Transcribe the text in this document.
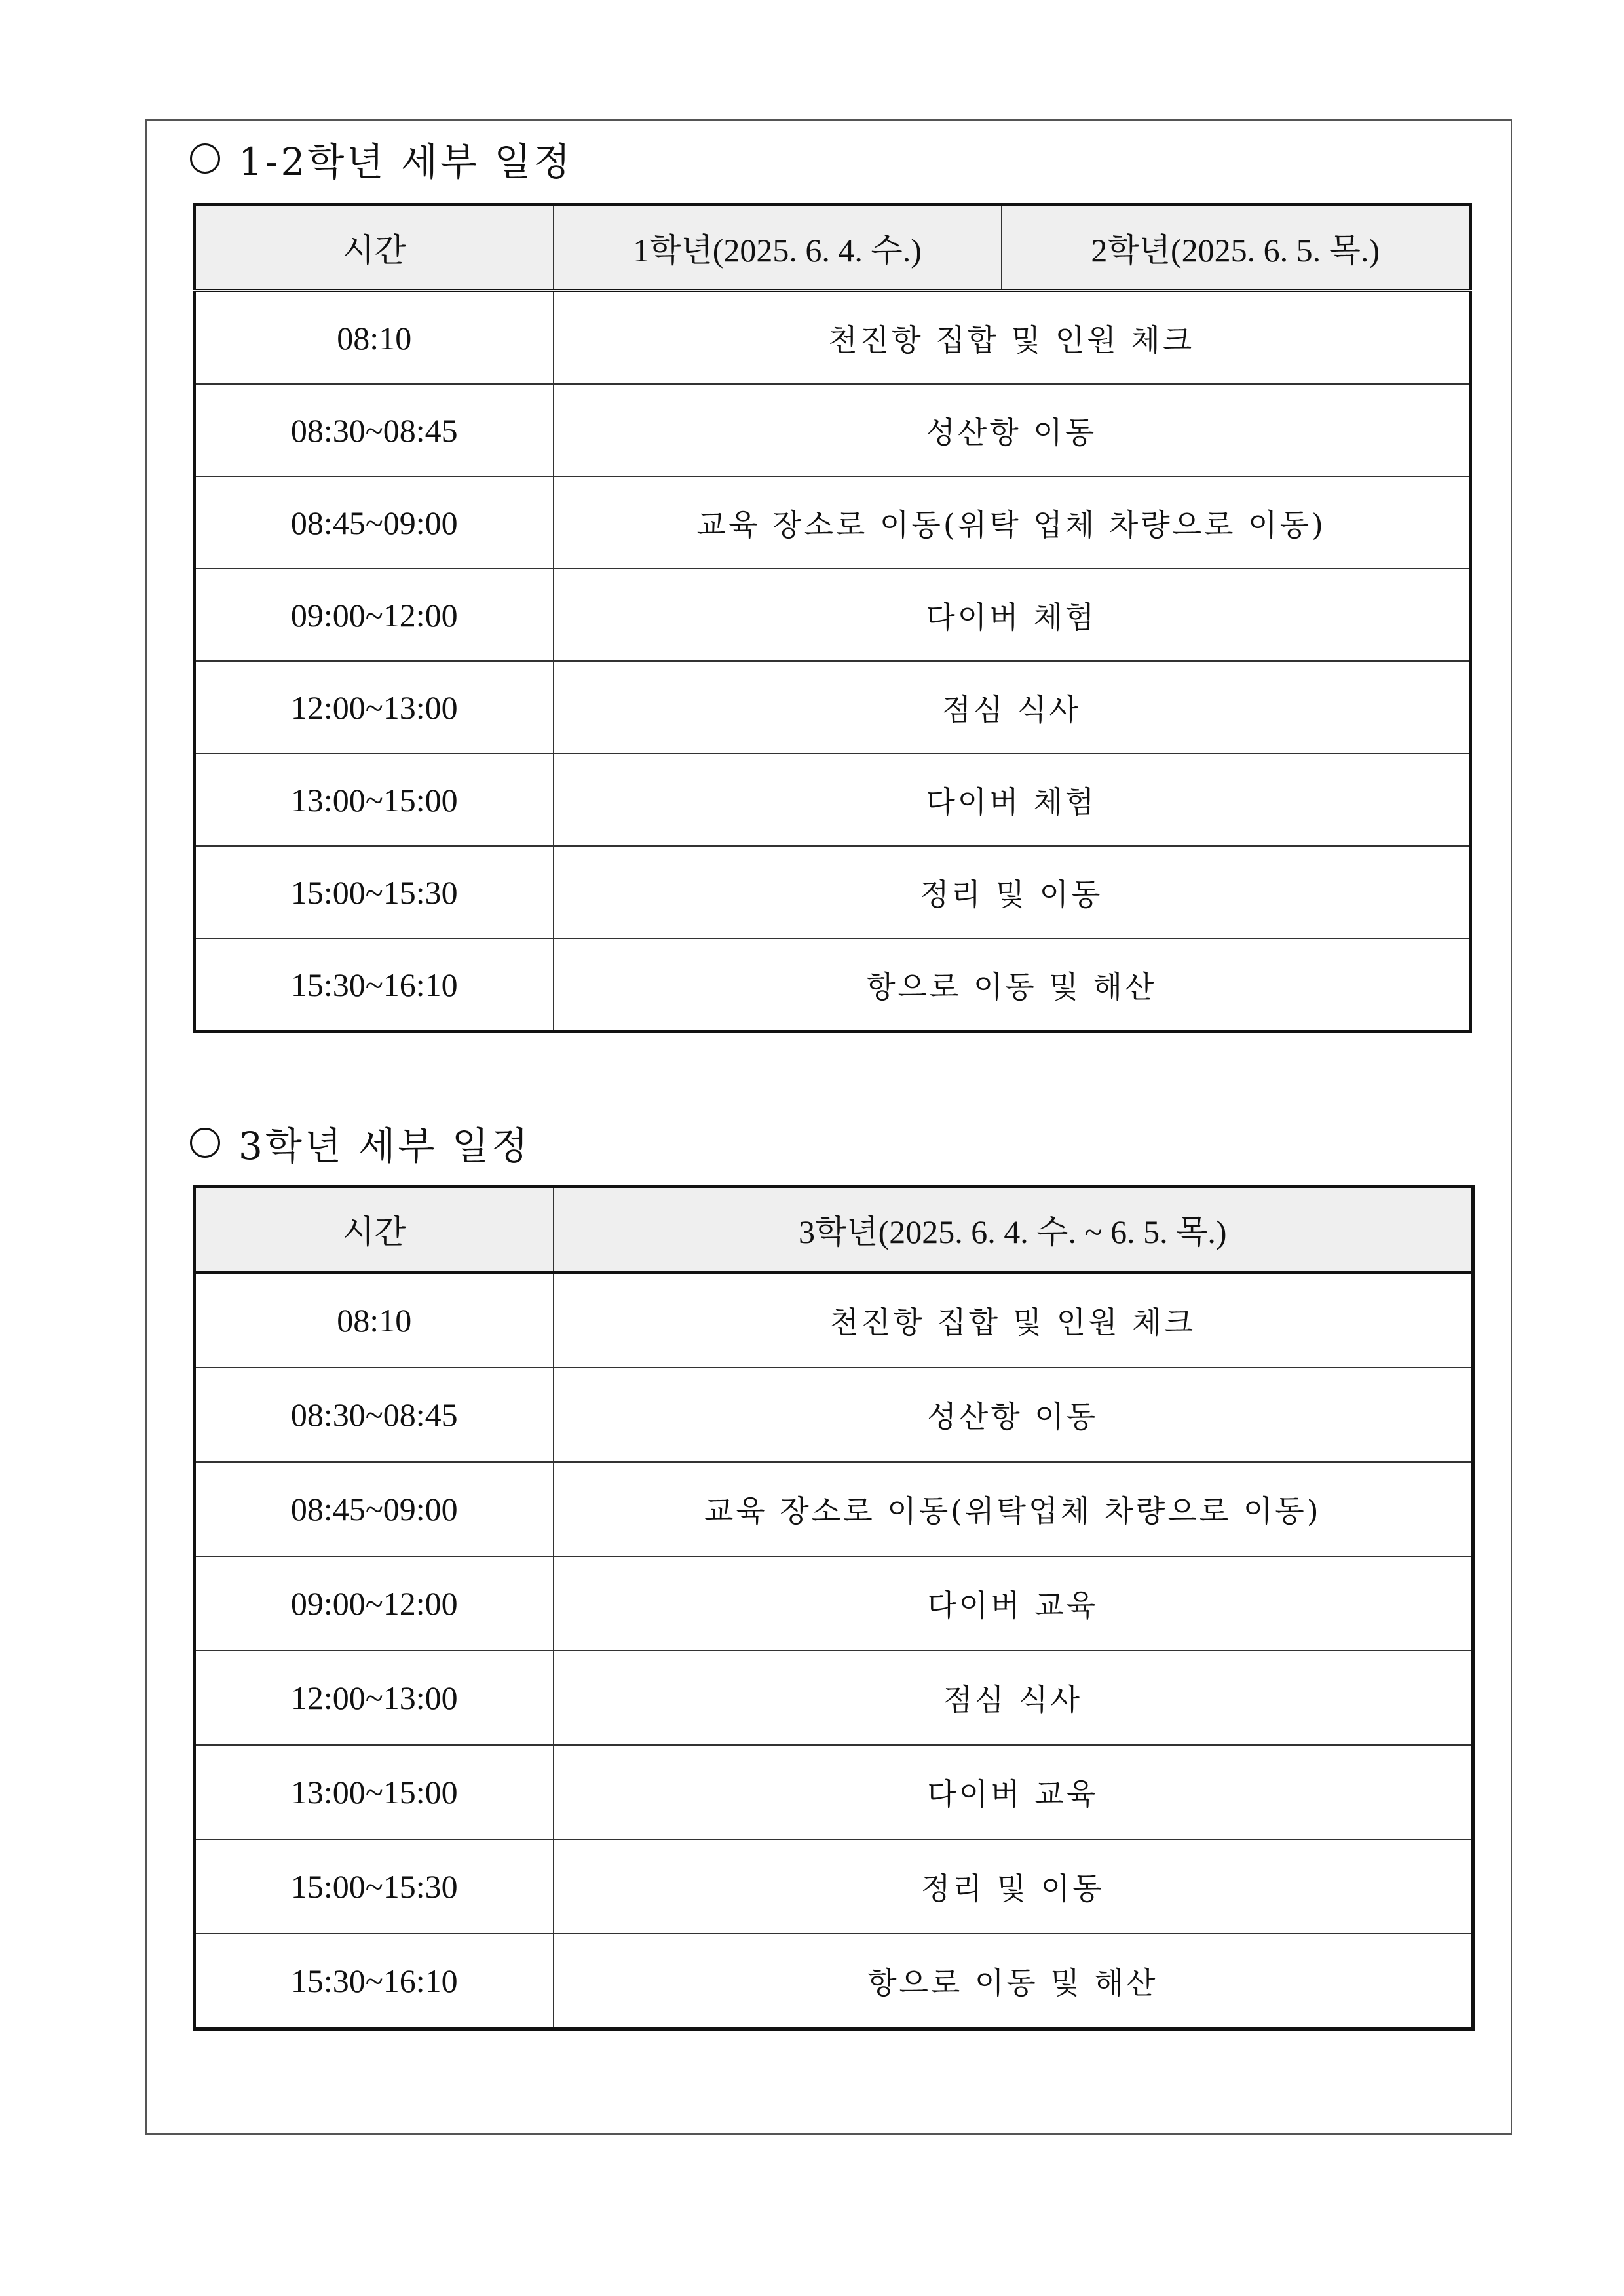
1-2학년 세부 일정
시간	1학년(2025. 6. 4. 수.)	2학년(2025. 6. 5. 목.)
08:10	천진항 집합 및 인원 체크	
08:30~08:45	성산항 이동	
08:45~09:00	교육 장소로 이동(위탁 업체 차량으로 이동)	
09:00~12:00	다이버 체험	
12:00~13:00	점심 식사	
13:00~15:00	다이버 체험	
15:00~15:30	정리 및 이동	
15:30~16:10	항으로 이동 및 해산	
3학년 세부 일정
시간	3학년(2025. 6. 4. 수. ~ 6. 5. 목.)
08:10	천진항 집합 및 인원 체크
08:30~08:45	성산항 이동
08:45~09:00	교육 장소로 이동(위탁업체 차량으로 이동)
09:00~12:00	다이버 교육
12:00~13:00	점심 식사
13:00~15:00	다이버 교육
15:00~15:30	정리 및 이동
15:30~16:10	항으로 이동 및 해산
